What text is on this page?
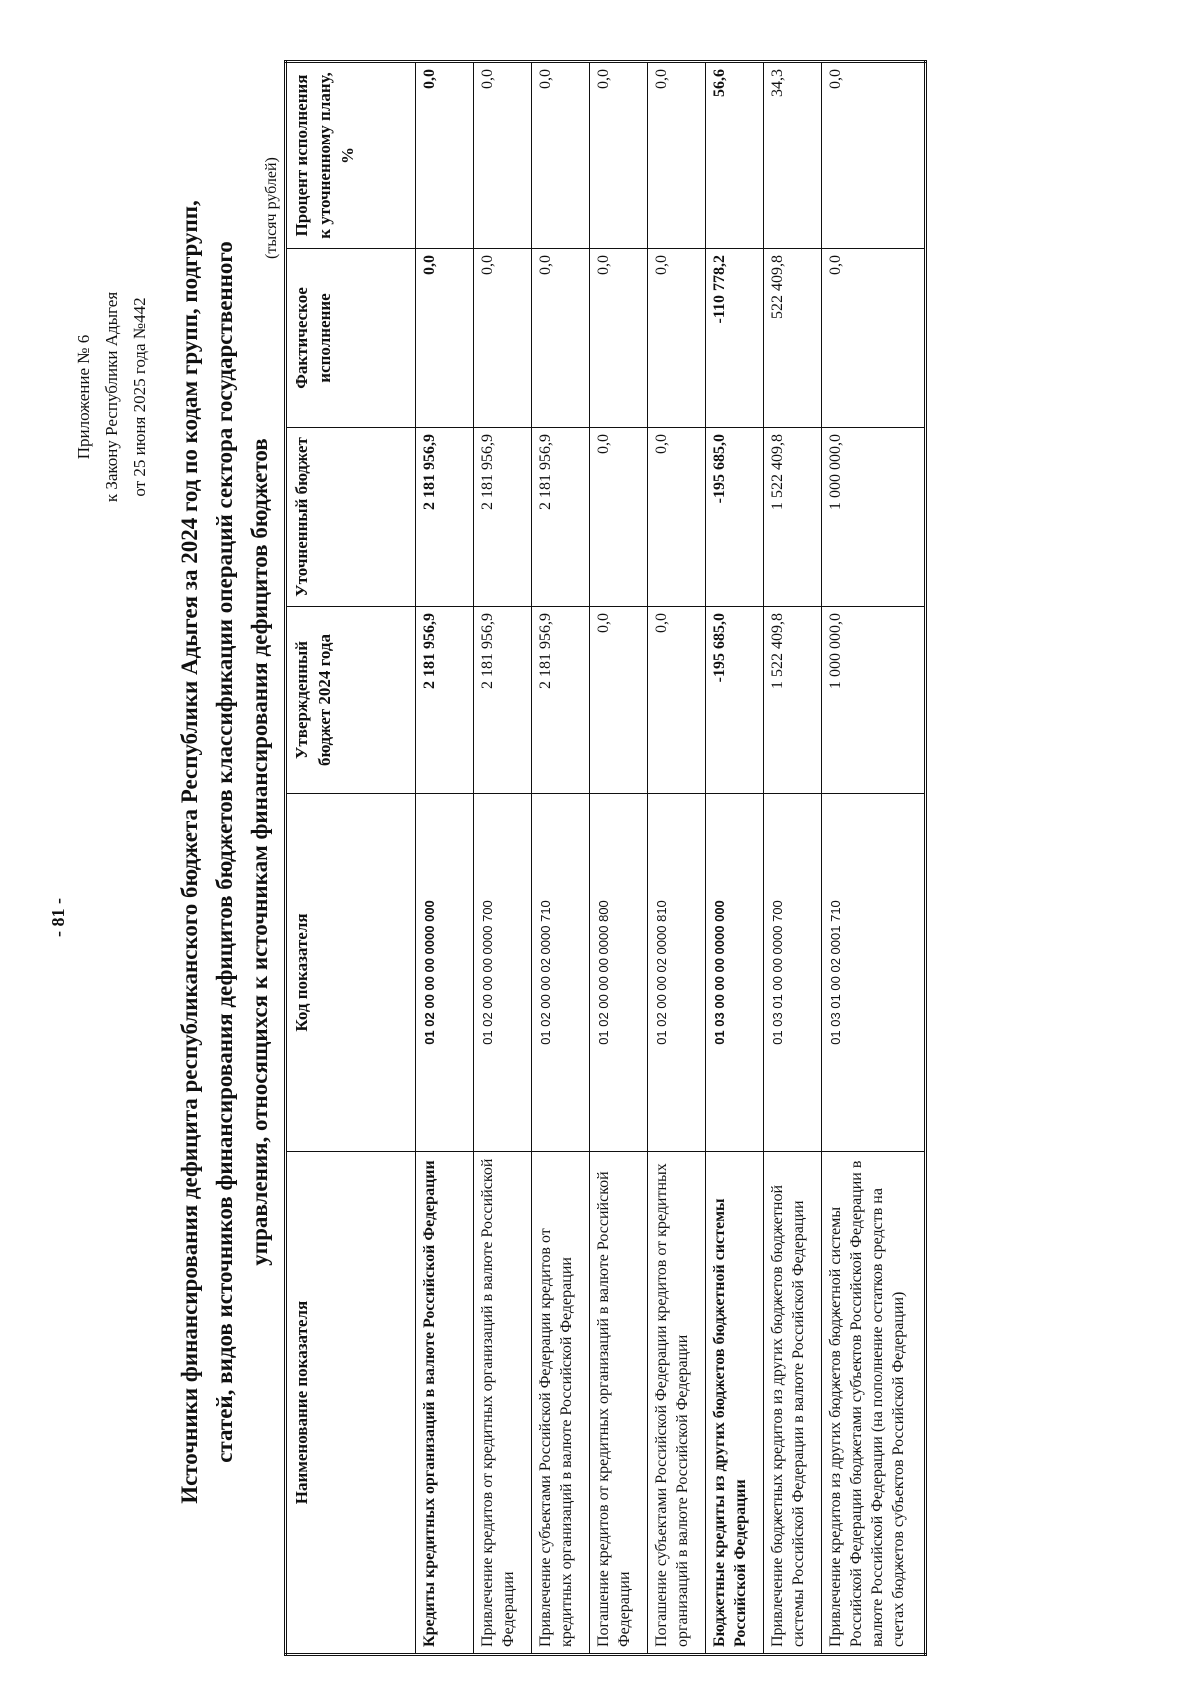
- 81 -
Приложение № 6 к Закону Республики Адыгея от 25 июня 2025 года №442 Источники финансирования дефицита республиканского бюджета Республики Адыгея за 2024 год по кодам групп, подгрупп, статей, видов источников финансирования дефицитов бюджетов классификации операций сектора государственного управления, относящихся к источникам финансирования дефицитов бюджетов
(тысяч рублей)
Наименование показателя	Код показателя	Утвержденный бюджет 2024 года	Уточненный бюджет	Фактическое исполнение	Процент исполнения к уточненному плану, %
Кредиты кредитных организаций в валюте Российской Федерации	01 02 00 00 00 0000 000	2 181 956,9	2 181 956,9	0,0	0,0
Привлечение кредитов от кредитных организаций в валюте Российской Федерации	01 02 00 00 00 0000 700	2 181 956,9	2 181 956,9	0,0	0,0
Привлечение субъектами Российской Федерации кредитов от кредитных организаций в валюте Российской Федерации	01 02 00 00 02 0000 710	2 181 956,9	2 181 956,9	0,0	0,0
Погашение кредитов от кредитных организаций в валюте Российской Федерации	01 02 00 00 00 0000 800	0,0	0,0	0,0	0,0
Погашение субъектами Российской Федерации кредитов от кредитных организаций в валюте Российской Федерации	01 02 00 00 02 0000 810	0,0	0,0	0,0	0,0
Бюджетные кредиты из других бюджетов бюджетной системы Российской Федерации	01 03 00 00 00 0000 000	-195 685,0	-195 685,0	-110 778,2	56,6
Привлечение бюджетных кредитов из других бюджетов бюджетной системы Российской Федерации в валюте Российской Федерации	01 03 01 00 00 0000 700	1 522 409,8	1 522 409,8	522 409,8	34,3
Привлечение кредитов из других бюджетов бюджетной системы Российской Федерации бюджетами субъектов Российской Федерации в валюте Российской Федерации (на пополнение остатков средств на счетах бюджетов субъектов Российской Федерации)	01 03 01 00 02 0001 710	1 000 000,0	1 000 000,0	0,0	0,0
